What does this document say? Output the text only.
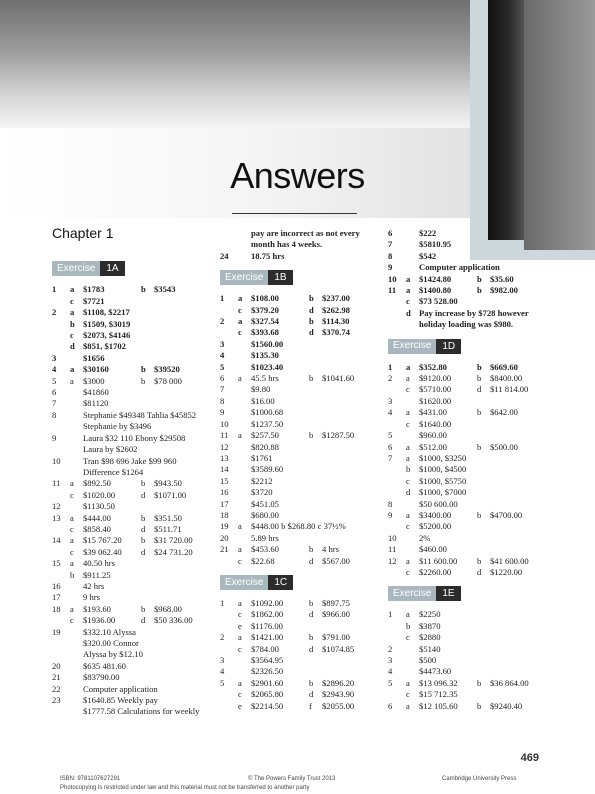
Answers
Chapter 1
Exercise	1A
1	a	$1783	b $3543
c	$7721
2	a	$1108, $2217
b $1509, $3019
c	$2073, $4146
d $851, $1702
3	$1656
4	a	$30160	b $39520
5	a	$3000	b	$78 000
6	$41860
7	$81120
8	Stephanie $49348 Tahlia $45852
Stephanie by $3496
9	Laura $32 110 Ebony $29508
Laura by $2602
10	Tran $98 696 Jake $99 960
Difference $1264
11	a	$892.50	b	$943.50
c	$1020.00	d	$1071.00
12	$1130.50
13	a	$444.00	b	$351.50
c	$858.40	d	$511.71
14	a	$15 767.20	b	$31 720.00
c	$39 062.40	d	$24 731.20
15	a	40.50 hrs
b	$911.25
16	42 hrs
17	9 hrs
18	a	$193.60	b	$968.00
c	$1936.00	d	$50 336.00
19	$332.10 Alyssa
$320.00 Connor
Alyssa by $12.10
20	$635 481.60
21	$83790.00
22	Computer application
23	$1640.85 Weekly pay
$1777.58 Calculations for weekly
pay are incorrect as not every
month has 4 weeks.
24	18.75 hrs
Exercise	1B
1	a	$108.00	b $237.00
c	$379.20	d $262.98
2	a	$327.54	b $114.30
c	$393.68	d $370.74
3	$1560.00
4	$135.30
5	$1023.40
6	a	45.5 hrs	b	$1041.60
7	$9.80
8	$16.00
9	$1000.68
10	$1237.50
11	a	$257.50	b	$1287.50
12	$820.88
13	$1761
14	$3589.60
15	$2212
16	$3720
17	$451.05
18	$680.00
19	a	$448.00 b $268.80 c 37½%
20	5.89 hrs
21	a	$453.60	b	4 hrs
c	$22.68	d	$567.00
Exercise	1C
1	a	$1092.00	b	$897.75
c	$1862.00	d	$966.00
e	$1176.00
2	a	$1421.00	b	$791.00
c	$784.00	d	$1074.85
3	$3564.95
4	$2326.50
5	a	$2901.60	b	$2896.20
c	$2065.80	d	$2943.90
e	$2214.50	f	$2055.00
6	$222
7	$5810.95
8	$542
9	Computer application
10	a	$1424.80	b $35.60
11	a	$1400.80	b $982.00
c	$73 528.00
d Pay increase by $728 however
holiday loading was $980.
Exercise	1D
1	a	$352.80	b $669.60
2	a	$9120.00	b	$8400.00
c	$5710.00	d	$11 814.00
3	$1620.00
4	a	$431.00	b	$642.00
c	$1640.00
5	$960.00
6	a	$512.00	b	$500.00
7	a	$1000, $3250
b	$1000, $4500
c	$1000, $5750
d	$1000, $7000
8	$50 600.00
9	a	$3400.00	b	$4700.00
c	$5200.00
10	2%
11	$460.00
12	a	$11 600.00	b	$41 600.00
c	$2260.00	d	$1220.00
Exercise	1E
1	a	$2250
b	$3870
c	$2880
2	$5140
3	$500
4	$4473.60
5	a	$13 096.32	b	$36 864.00
c	$15 712.35
6	a	$12 105.60	b	$9240.40
469
ISBN: 9781107627291	© The Powers Family Trust 2013	Cambridge University Press
Photocopying is restricted under law and this material must not be transferred to another party
